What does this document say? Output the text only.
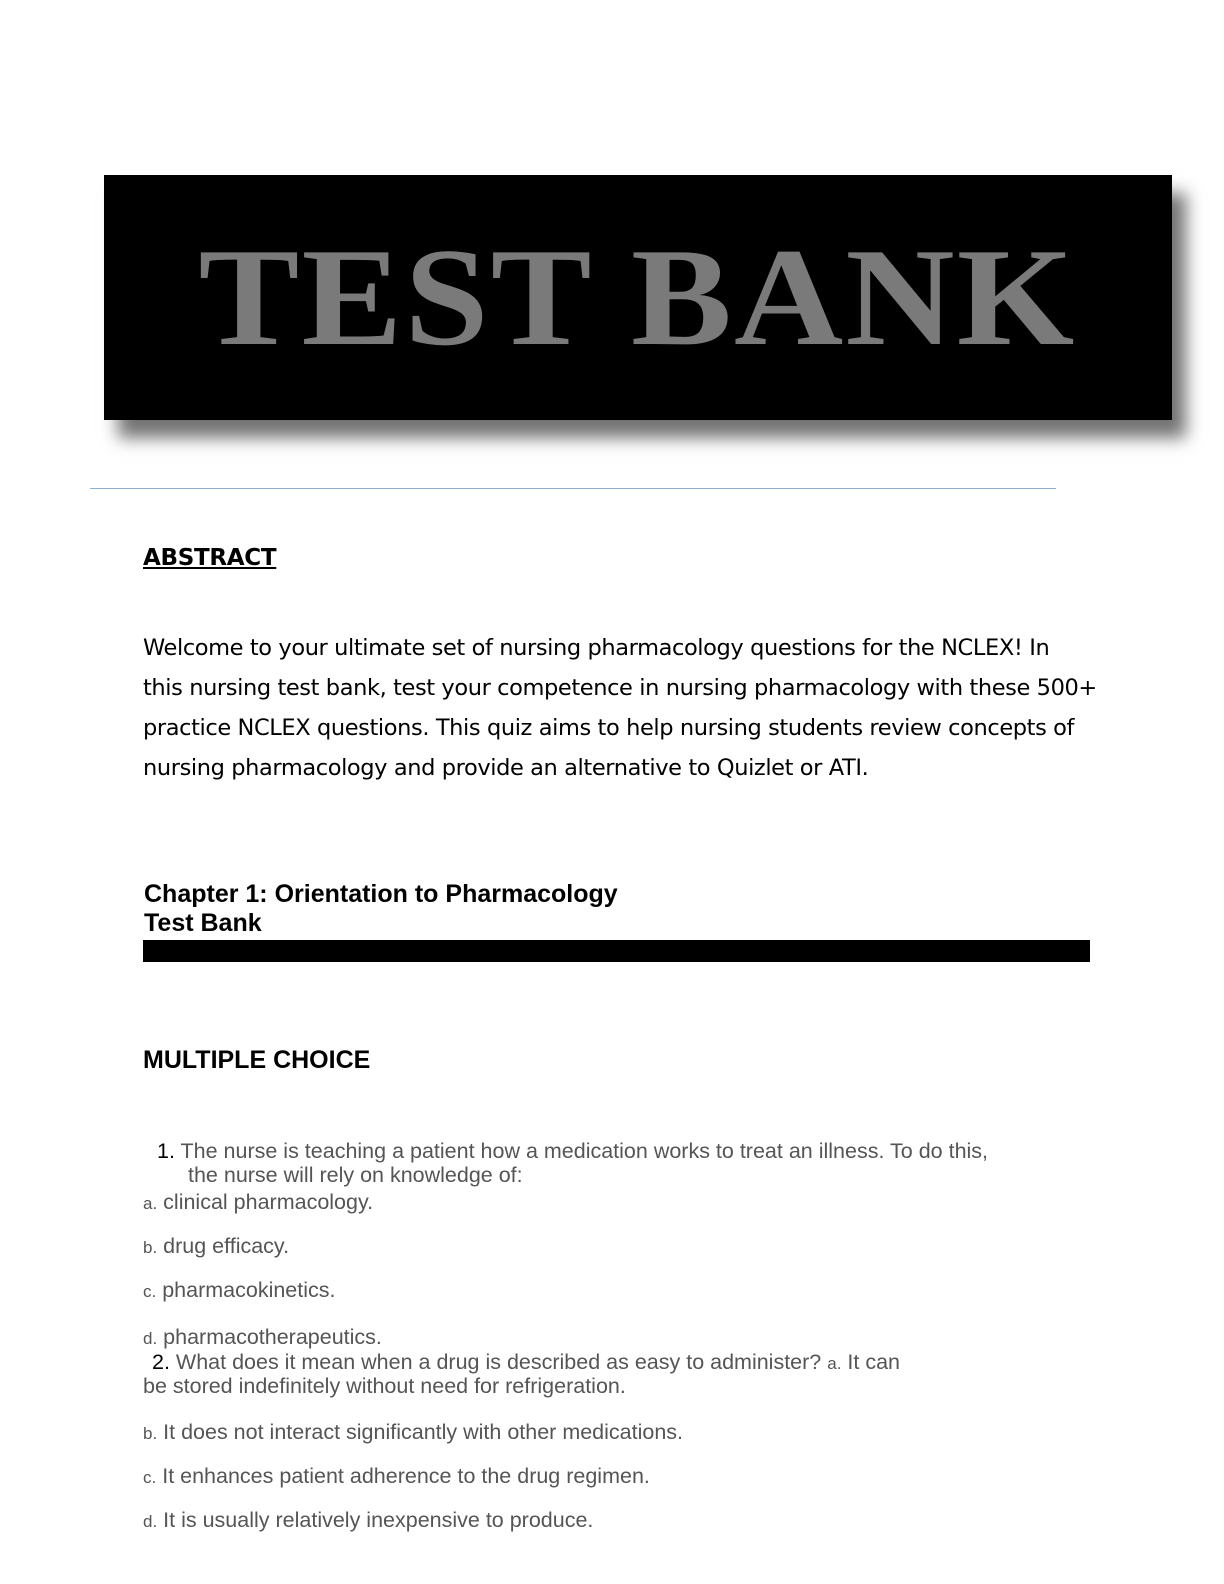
TEST BANK
ABSTRACT
Welcome to your ultimate set of nursing pharmacology questions for the NCLEX! In
this nursing test bank, test your competence in nursing pharmacology with these 500+
practice NCLEX questions. This quiz aims to help nursing students review concepts of
nursing pharmacology and provide an alternative to Quizlet or ATI.
Chapter 1: Orientation to Pharmacology
Test Bank
MULTIPLE CHOICE
1. The nurse is teaching a patient how a medication works to treat an illness. To do this,
the nurse will rely on knowledge of:
a. clinical pharmacology.
b. drug efficacy.
c. pharmacokinetics.
d. pharmacotherapeutics.
2. What does it mean when a drug is described as easy to administer? a. It can
be stored indefinitely without need for refrigeration.
b. It does not interact significantly with other medications.
c. It enhances patient adherence to the drug regimen.
d. It is usually relatively inexpensive to produce.
